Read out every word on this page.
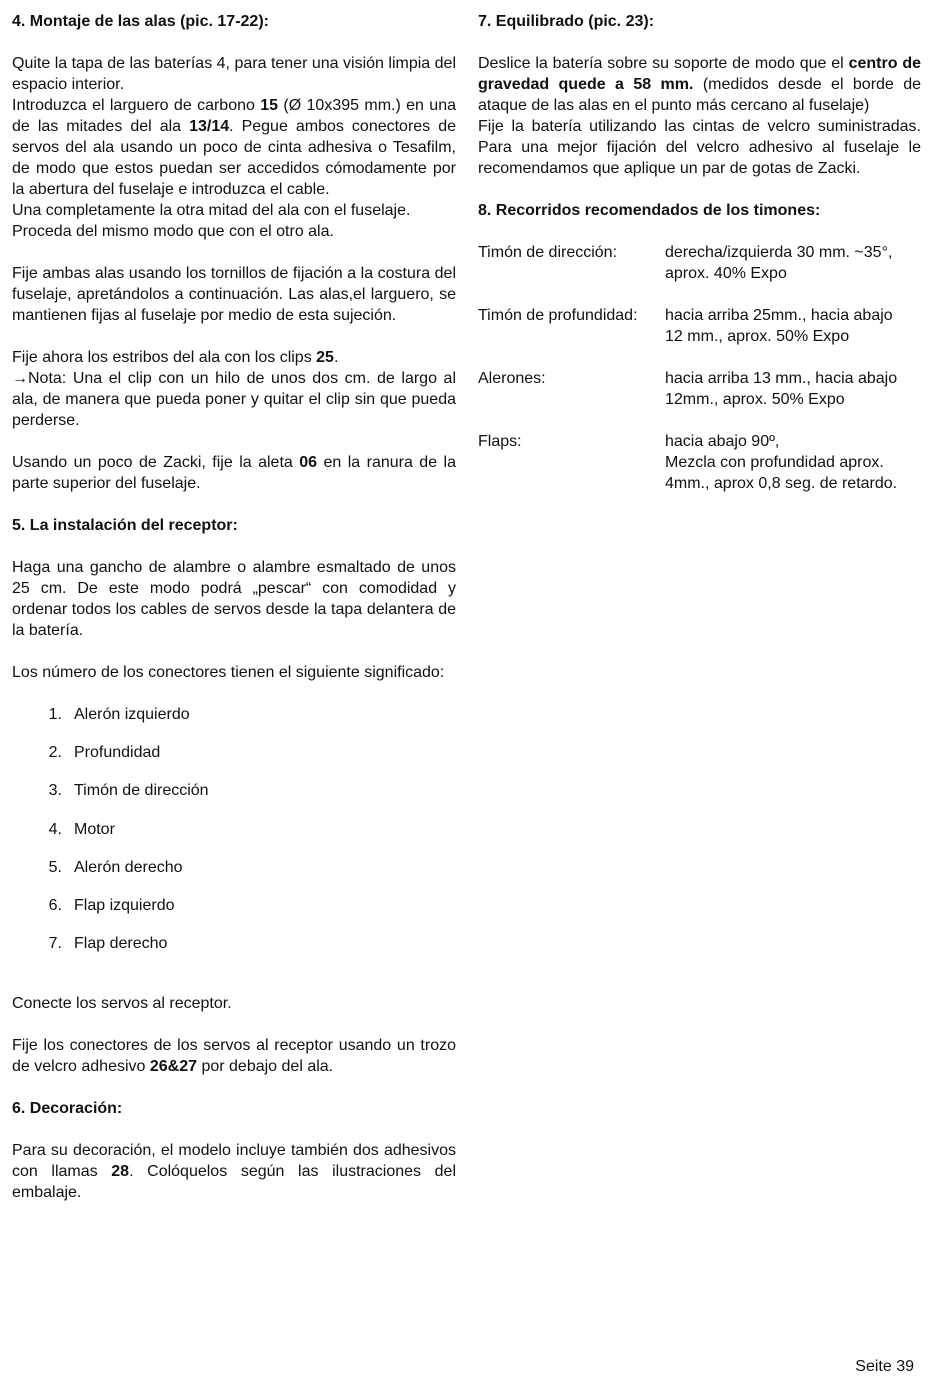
4. Montaje de las alas (pic. 17-22):

Quite la tapa de las baterías 4, para tener una visión limpia del espacio interior.
Introduzca el larguero de carbono 15 (Ø 10x395 mm.) en una de las mitades del ala 13/14. Pegue ambos conectores de servos del ala usando un poco de cinta adhesiva o Tesafilm, de modo que estos puedan ser accedidos cómodamente por la abertura del fuselaje e introduzca el cable.
Una completamente la otra mitad del ala con el fuselaje.
Proceda del mismo modo que con el otro ala.

Fije ambas alas usando los tornillos de fijación a la costura del fuselaje, apretándolos a continuación. Las alas,el larguero, se mantienen fijas al fuselaje por medio de esta sujeción.

Fije ahora los estribos del ala con los clips 25.
→Nota: Una el clip con un hilo de unos dos cm. de largo al ala, de manera que pueda poner y quitar el clip sin que pueda perderse.

Usando un poco de Zacki, fije la aleta 06 en la ranura de la parte superior del fuselaje.

5. La instalación del receptor:

Haga una gancho de alambre o alambre esmaltado de unos 25 cm. De este modo podrá „pescar“ con comodidad y ordenar todos los cables de servos desde la tapa delantera de la batería.

Los número de los conectores tienen el siguiente significado:

1. Alerón izquierdo
2. Profundidad
3. Timón de dirección
4. Motor
5. Alerón derecho
6. Flap izquierdo
7. Flap derecho

Conecte los servos al receptor.

Fije los conectores de los servos al receptor usando un trozo de velcro adhesivo 26&27 por debajo del ala.

6. Decoración:

Para su decoración, el modelo incluye también dos adhesivos con llamas 28. Colóquelos según las ilustraciones del embalaje.

7. Equilibrado (pic. 23):

Deslice la batería sobre su soporte de modo que el centro de gravedad quede a 58 mm. (medidos desde el borde de ataque de las alas en el punto más cercano al fuselaje)
Fije la batería utilizando las cintas de velcro suministradas. Para una mejor fijación del velcro adhesivo al fuselaje le recomendamos que aplique un par de gotas de Zacki.

8. Recorridos recomendados de los timones:
Timón de dirección:	derecha/izquierda 30 mm. ~35°,
aprox. 40% Expo
Timón de profundidad:	hacia arriba 25mm., hacia abajo
12 mm., aprox. 50% Expo
Alerones:	hacia arriba 13 mm., hacia abajo
12mm., aprox. 50% Expo
Flaps:	hacia abajo 90º,
Mezcla con profundidad aprox.
4mm., aprox 0,8 seg. de retardo.
Seite 39
